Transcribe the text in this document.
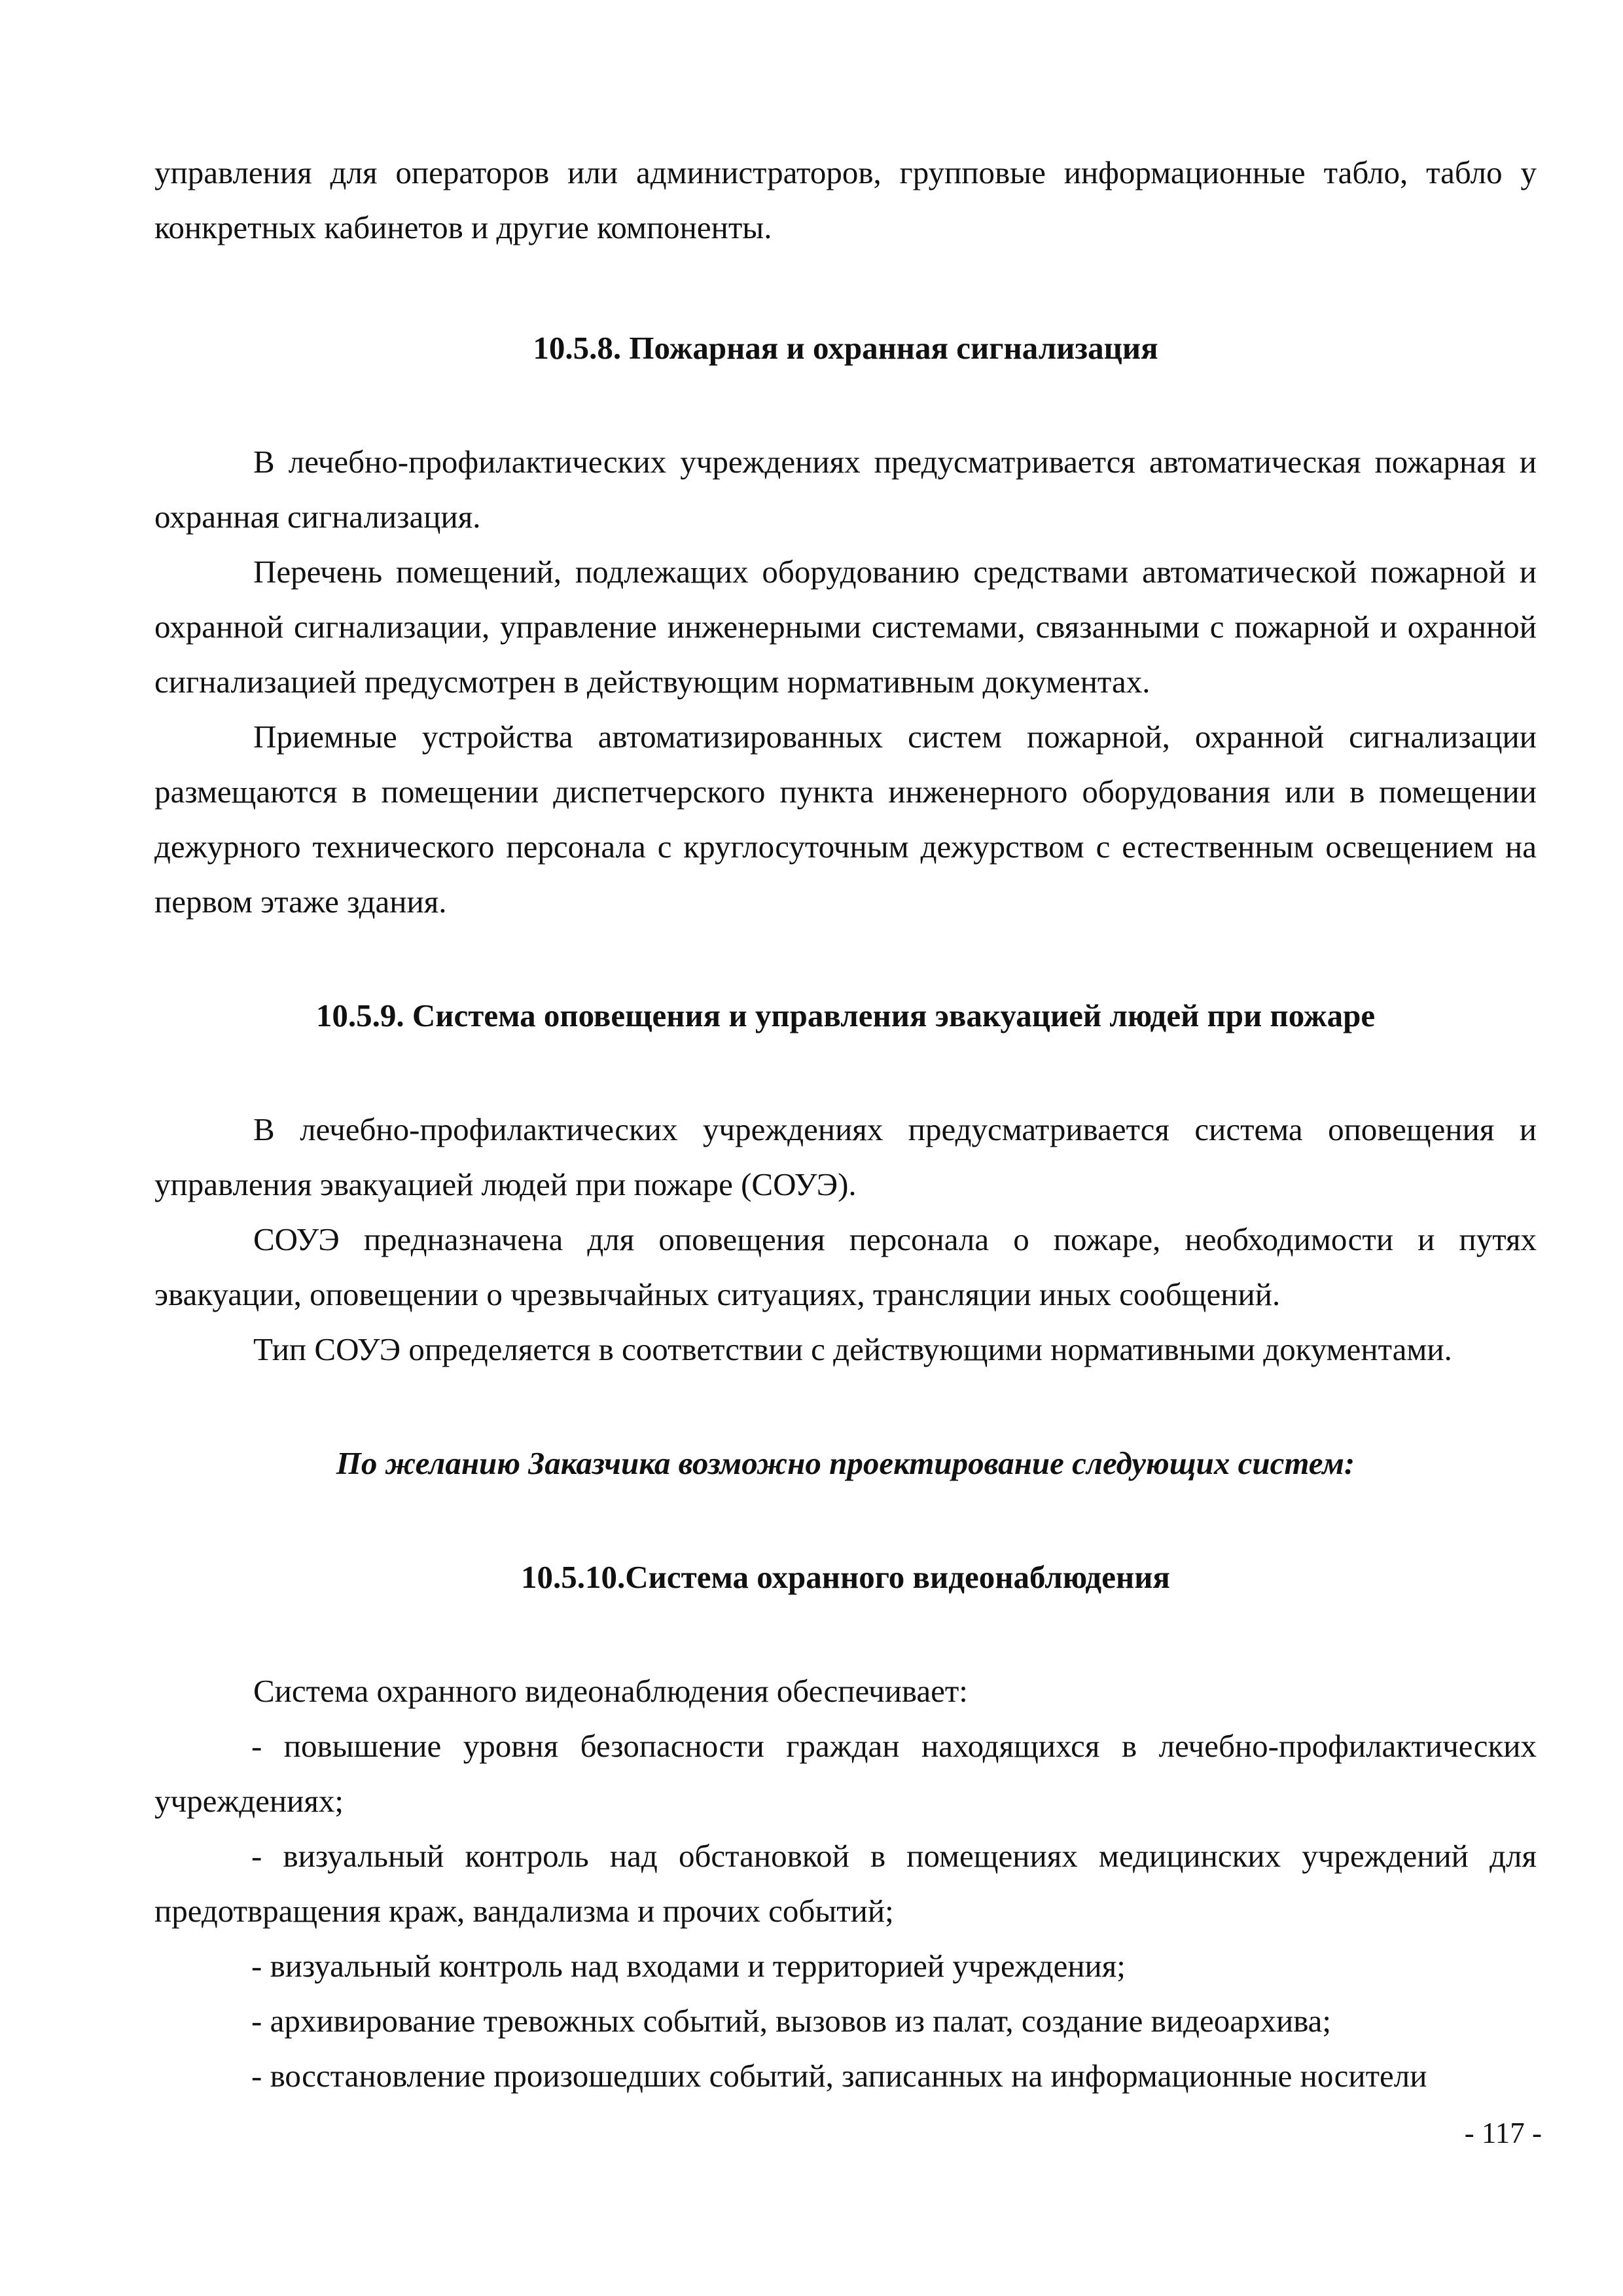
управления для операторов или администраторов, групповые информационные табло, табло у конкретных кабинетов и другие компоненты.

10.5.8. Пожарная и охранная сигнализация

В лечебно-профилактических учреждениях предусматривается автоматическая пожарная и охранная сигнализация.

Перечень помещений, подлежащих оборудованию средствами автоматической пожарной и охранной сигнализации, управление инженерными системами, связанными с пожарной и охранной сигнализацией предусмотрен в действующим нормативным документах.

Приемные устройства автоматизированных систем пожарной, охранной сигнализации размещаются в помещении диспетчерского пункта инженерного оборудования или в помещении дежурного технического персонала с круглосуточным дежурством с естественным освещением на первом этаже здания.

10.5.9. Система оповещения и управления эвакуацией людей при пожаре

В лечебно-профилактических учреждениях предусматривается система оповещения и управления эвакуацией людей при пожаре (СОУЭ).

СОУЭ предназначена для оповещения персонала о пожаре, необходимости и путях эвакуации, оповещении о чрезвычайных ситуациях, трансляции иных сообщений.

Тип СОУЭ определяется в соответствии с действующими нормативными документами.

По желанию Заказчика возможно проектирование следующих систем:

10.5.10.Система охранного видеонаблюдения

Система охранного видеонаблюдения обеспечивает:

- повышение уровня безопасности граждан находящихся в лечебно-профилактических учреждениях;

- визуальный контроль над обстановкой в помещениях медицинских учреждений для предотвращения краж, вандализма и прочих событий;

- визуальный контроль над входами и территорией учреждения;

- архивирование тревожных событий, вызовов из палат, создание видеоархива;

- восстановление произошедших событий, записанных на информационные носители

- 117 -
